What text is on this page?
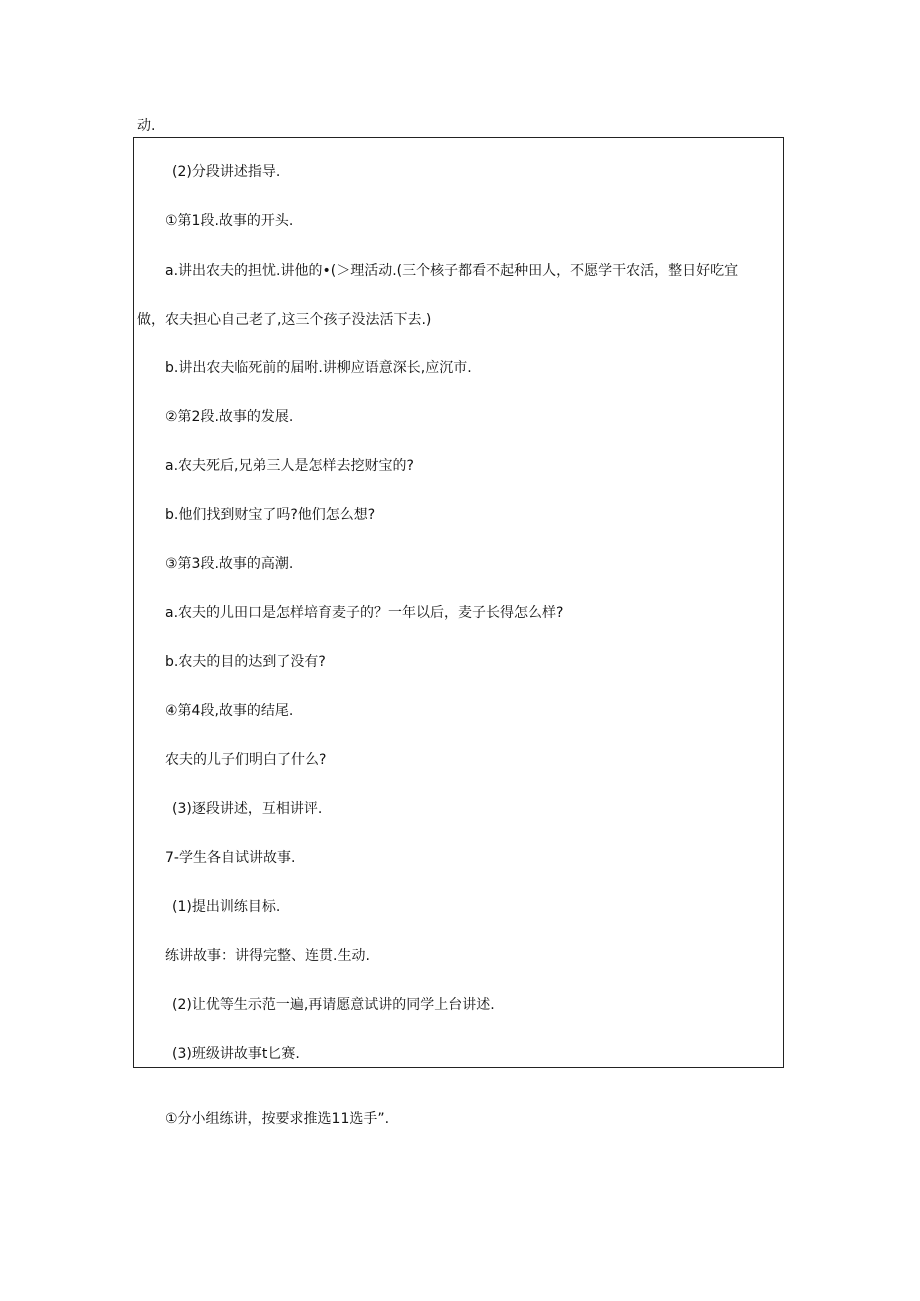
动.
(2)分段讲述指导.
①第1段.故事的开头.
a.讲出农夫的担忧.讲他的•(＞理活动.(三个核子都看不起种田人，不愿学干农活，整日好吃宜
做，农夫担心自己老了,这三个孩子没法活下去.)
b.讲出农夫临死前的届咐.讲柳应语意深长,应沉市.
②第2段.故事的发展.
a.农夫死后,兄弟三人是怎样去挖财宝的?
b.他们找到财宝了吗?他们怎么想?
③第3段.故事的高潮.
a.农夫的儿田口是怎样培育麦子的？一年以后，麦子长得怎么样?
b.农夫的目的达到了没有?
④第4段,故事的结尾.
农夫的儿子们明白了什么?
(3)逐段讲述，互相讲评.
7-学生各自试讲故事.
(1)提出训练目标.
练讲故事：讲得完整、连贯.生动.
(2)让优等生示范一遍,再请愿意试讲的同学上台讲述.
(3)班级讲故事t匕赛.
①分小组练讲，按要求推选11选手”.
